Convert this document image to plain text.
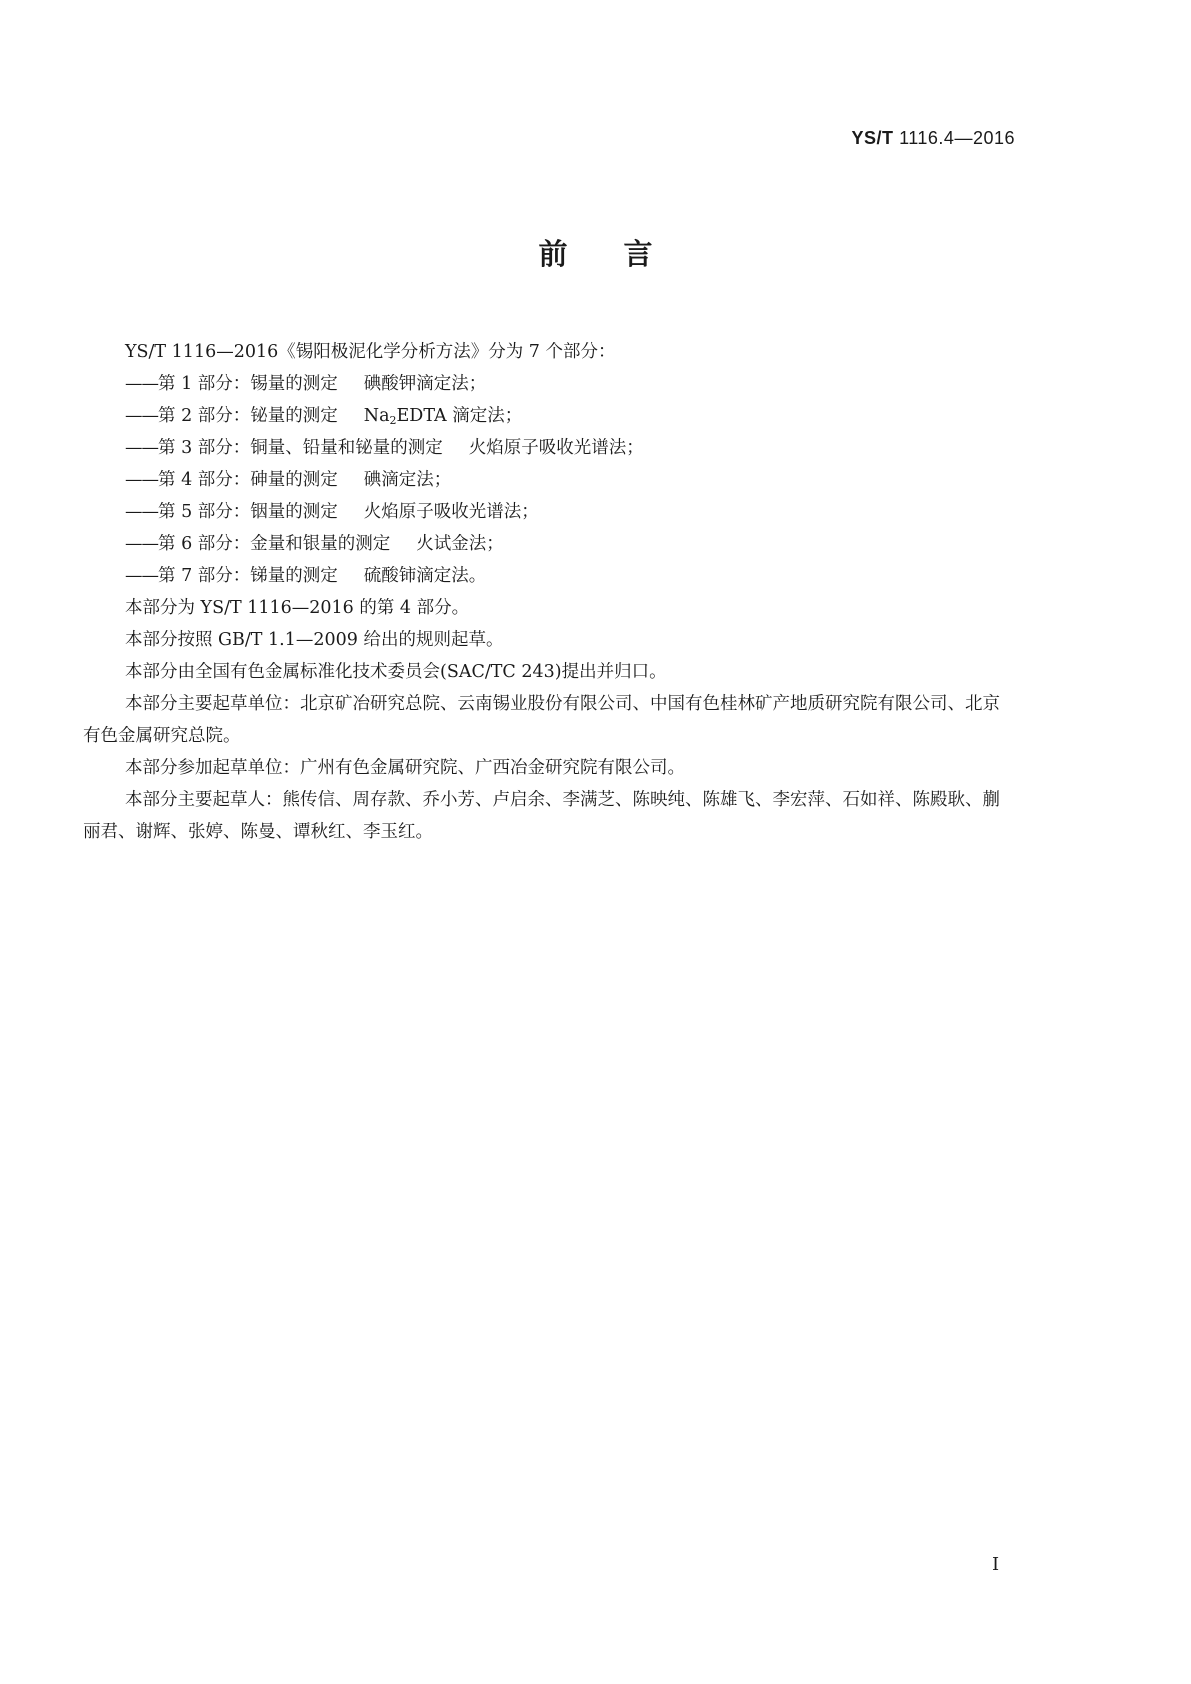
YS/T 1116.4—2016
前言

YS/T 1116—2016《锡阳极泥化学分析方法》分为 7 个部分：

——第 1 部分：锡量的测定 碘酸钾滴定法；

——第 2 部分：铋量的测定 $Na_2EDTA$ 滴定法；

——第 3 部分：铜量、铅量和铋量的测定 火焰原子吸收光谱法；

——第 4 部分：砷量的测定 碘滴定法；

——第 5 部分：铟量的测定 火焰原子吸收光谱法；

——第 6 部分：金量和银量的测定 火试金法；

——第 7 部分：锑量的测定 硫酸铈滴定法。

本部分为 YS/T 1116—2016 的第 4 部分。

本部分按照 GB/T 1.1—2009 给出的规则起草。

本部分由全国有色金属标准化技术委员会(SAC/TC 243)提出并归口。

本部分主要起草单位：北京矿冶研究总院、云南锡业股份有限公司、中国有色桂林矿产地质研究院有限公司、北京有色金属研究总院。

本部分参加起草单位：广州有色金属研究院、广西冶金研究院有限公司。

本部分主要起草人：熊传信、周存款、乔小芳、卢启余、李满芝、陈映纯、陈雄飞、李宏萍、石如祥、陈殿耿、蒯丽君、谢辉、张婷、陈曼、谭秋红、李玉红。

I
